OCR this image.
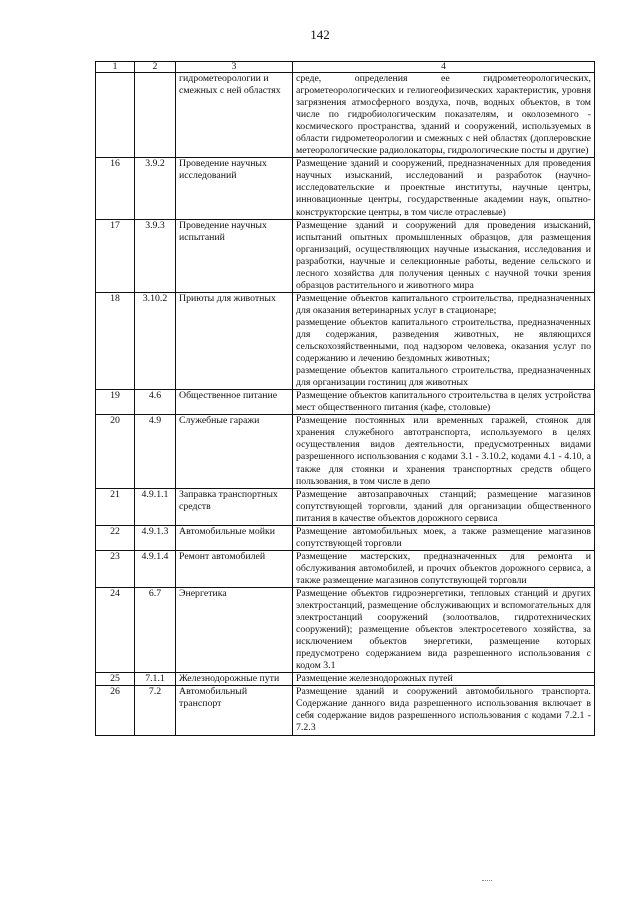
142
1	2	3	4
		гидрометеорологии и смежных с ней областях	среде, определения ее гидрометеорологических, агрометеорологических и гелиогеофизических характеристик, уровня загрязнения атмосферного воздуха, почв, водных объектов, в том числе по гидробиологическим показателям, и околоземного - космического пространства, зданий и сооружений, используемых в области гидрометеорологии и смежных с ней областях (доплеровские метеорологические радиолокаторы, гидрологические посты и другие)

16	3.9.2	Проведение научных исследований	Размещение зданий и сооружений, предназначенных для проведения научных изысканий, исследований и разработок (научно-исследовательские и проектные институты, научные центры, инновационные центры, государственные академии наук, опытно-конструкторские центры, в том числе отраслевые)

17	3.9.3	Проведение научных испытаний	Размещение зданий и сооружений для проведения изысканий, испытаний опытных промышленных образцов, для размещения организаций, осуществляющих научные изыскания, исследования и разработки, научные и селекционные работы, ведение сельского и лесного хозяйства для получения ценных с научной точки зрения образцов растительного и животного мира

18	3.10.2	Приюты для животных	Размещение объектов капитального строительства, предназначенных для оказания ветеринарных услуг в стационаре;
размещение объектов капитального строительства, предназначенных для содержания, разведения животных, не являющихся сельскохозяйственными, под надзором человека, оказания услуг по содержанию и лечению бездомных животных;
размещение объектов капитального строительства, предназначенных для организации гостиниц для животных

19	4.6	Общественное питание	Размещение объектов капитального строительства в целях устройства мест общественного питания (кафе, столовые)

20	4.9	Служебные гаражи	Размещение постоянных или временных гаражей, стоянок для хранения служебного автотранспорта, используемого в целях осуществления видов деятельности, предусмотренных видами разрешенного использования с кодами 3.1 - 3.10.2, кодами 4.1 - 4.10, а также для стоянки и хранения транспортных средств общего пользования, в том числе в депо

21	4.9.1.1	Заправка транспортных средств	Размещение автозаправочных станций; размещение магазинов сопутствующей торговли, зданий для организации общественного питания в качестве объектов дорожного сервиса

22	4.9.1.3	Автомобильные мойки	Размещение автомобильных моек, а также размещение магазинов сопутствующей торговли

23	4.9.1.4	Ремонт автомобилей	Размещение мастерских, предназначенных для ремонта и обслуживания автомобилей, и прочих объектов дорожного сервиса, а также размещение магазинов сопутствующей торговли

24	6.7	Энергетика	Размещение объектов гидроэнергетики, тепловых станций и других электростанций, размещение обслуживающих и вспомогательных для электростанций сооружений (золоотвалов, гидротехнических сооружений); размещение объектов электросетевого хозяйства, за исключением объектов энергетики, размещение которых предусмотрено содержанием вида разрешенного использования с кодом 3.1

25	7.1.1	Железнодорожные пути	Размещение железнодорожных путей

26	7.2	Автомобильный транспорт	Размещение зданий и сооружений автомобильного транспорта. Содержание данного вида разрешенного использования включает в себя содержание видов разрешенного использования с кодами 7.2.1 - 7.2.3
